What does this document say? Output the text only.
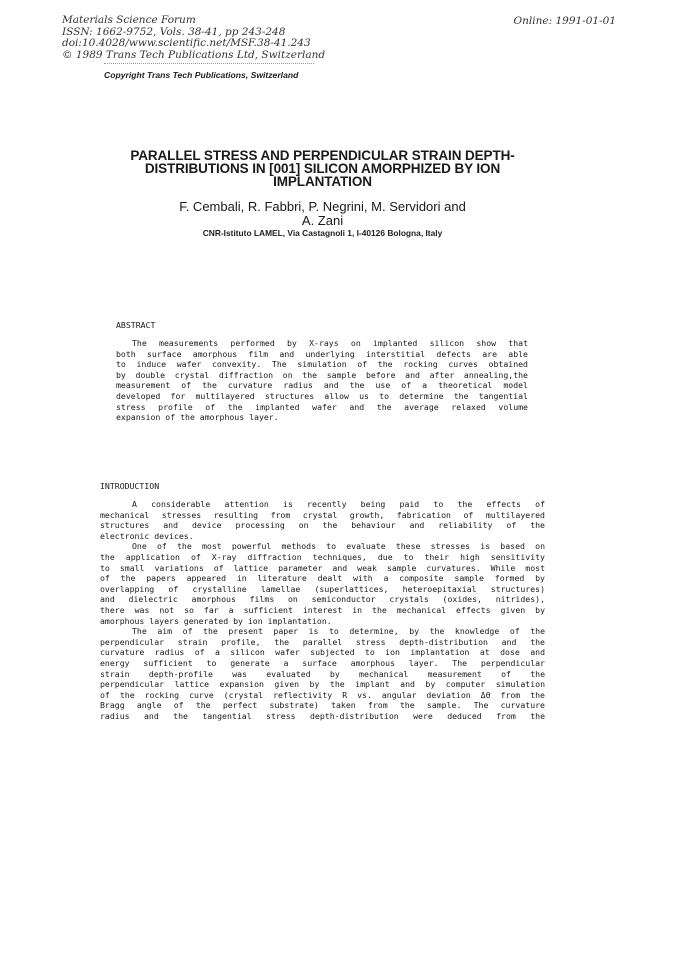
Materials Science Forum
ISSN: 1662-9752, Vols. 38-41, pp 243-248
doi:10.4028/www.scientific.net/MSF.38-41.243
© 1989 Trans Tech Publications Ltd, Switzerland
Online: 1991-01-01
Copyright Trans Tech Publications, Switzerland
PARALLEL STRESS AND PERPENDICULAR STRAIN DEPTH-
DISTRIBUTIONS IN [001] SILICON AMORPHIZED BY ION
IMPLANTATION
F. Cembali, R. Fabbri, P. Negrini, M. Servidori and
A. Zani
CNR-Istituto LAMEL, Via Castagnoli 1, I-40126 Bologna, Italy
ABSTRACT

The measurements performed by X-rays on implanted silicon show that

both surface amorphous film and underlying interstitial defects are able

to induce wafer convexity. The simulation of the rocking curves obtained

by double crystal diffraction on the sample before and after annealing,the

measurement of the curvature radius and the use of a theoretical model

developed for multilayered structures allow us to determine the tangential

stress profile of the implanted wafer and the average relaxed volume

expansion of the amorphous layer.

INTRODUCTION

A considerable attention is recently being paid to the effects of

mechanical stresses resulting from crystal growth, fabrication of multilayered

structures and device processing on the behaviour and reliability of the

electronic devices.

One of the most powerful methods to evaluate these stresses is based on

the application of X-ray diffraction techniques, due to their high sensitivity

to small variations of lattice parameter and weak sample curvatures. While most

of the papers appeared in literature dealt with a composite sample formed by

overlapping of crystalline lamellae (superlattices, heteroepitaxial structures)

and dielectric amorphous films on semiconductor crystals (oxides, nitrides),

there was not so far a sufficient interest in the mechanical effects given by

amorphous layers generated by ion implantation.

The aim of the present paper is to determine, by the knowledge of the

perpendicular strain profile, the parallel stress depth-distribution and the

curvature radius of a silicon wafer subjected to ion implantation at dose and

energy sufficient to generate a surface amorphous layer. The perpendicular

strain depth-profile was evaluated by mechanical measurement of the

perpendicular lattice expansion given by the implant and by computer simulation

of the rocking curve (crystal reflectivity R vs. angular deviation Δθ from the

Bragg angle of the perfect substrate) taken from the sample. The curvature

radius and the tangential stress depth-distribution were deduced from the
